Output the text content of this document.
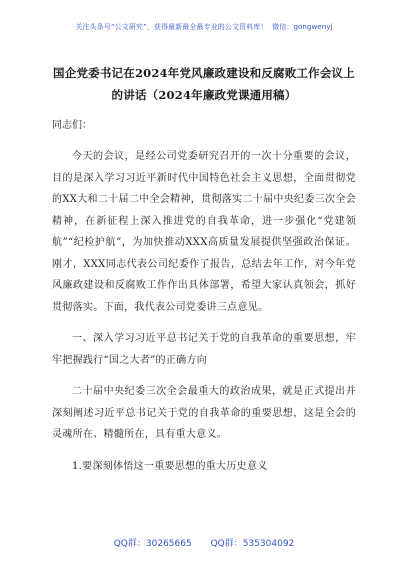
关注头条号“公文研究”，获得最新最全最专业的公文资料库！ 微信：gongwenyj
国企党委书记在2024年党风廉政建设和反腐败工作会议上
的讲话（2024年廉政党课通用稿）
同志们：

今天的会议，是经公司党委研究召开的一次十分重要的会议，目的是深入学习习近平新时代中国特色社会主义思想，全面贯彻党的XX大和二十届二中全会精神，贯彻落实二十届中央纪委三次全会精神，在新征程上深入推进党的自我革命，进一步强化“党建领航”“纪检护航”，为加快推动XXX高质量发展提供坚强政治保证。刚才，XXX同志代表公司纪委作了报告，总结去年工作，对今年党风廉政建设和反腐败工作作出具体部署，希望大家认真领会，抓好贯彻落实。下面，我代表公司党委讲三点意见。

一、深入学习习近平总书记关于党的自我革命的重要思想，牢牢把握践行“国之大者”的正确方向

二十届中央纪委三次全会最重大的政治成果，就是正式提出并深刻阐述习近平总书记关于党的自我革命的重要思想，这是全会的灵魂所在、精髓所在，具有重大意义。

1.要深刻体悟这一重要思想的重大历史意义

QQ群：30265665 QQ群：535304092
